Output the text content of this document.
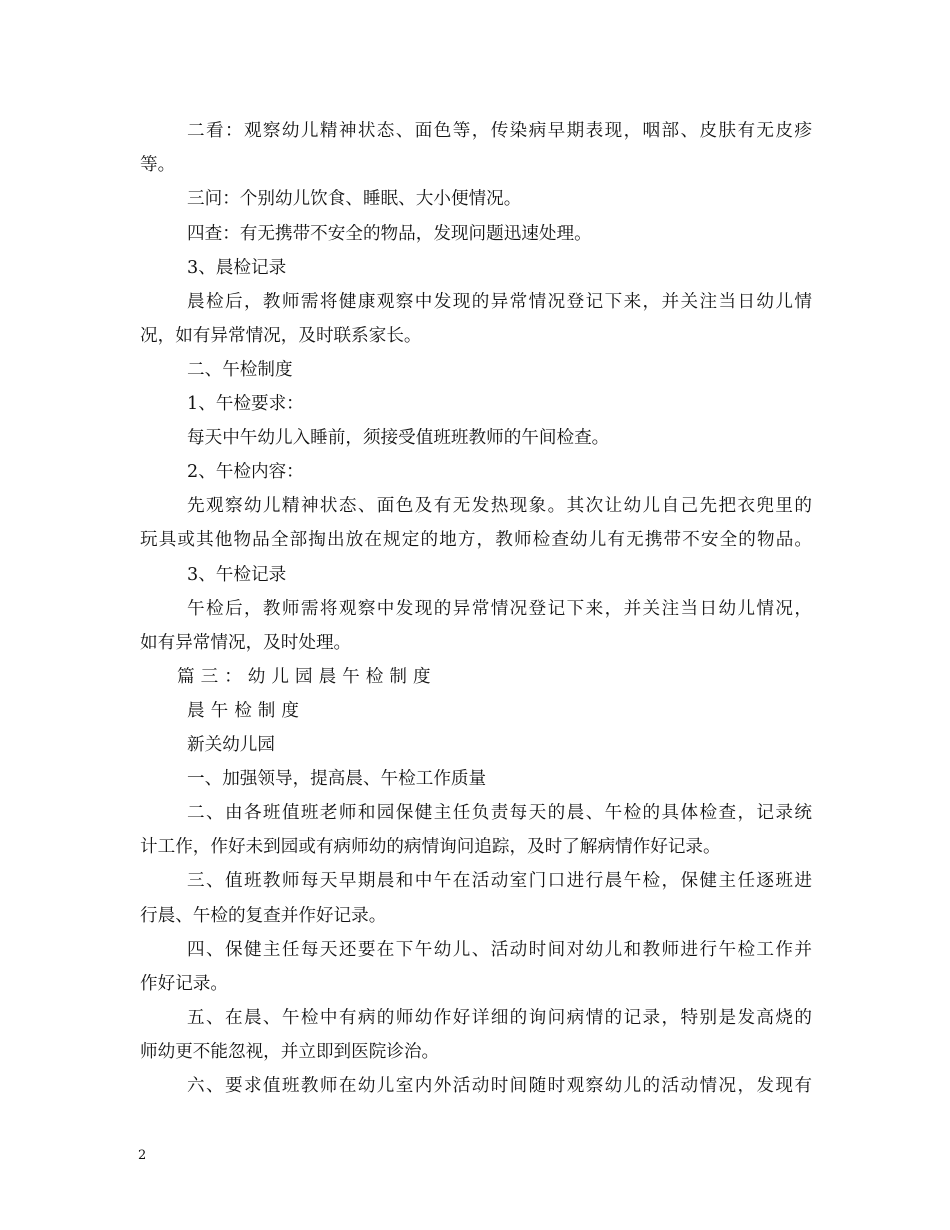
二看：观察幼儿精神状态、面色等，传染病早期表现，咽部、皮肤有无皮疹
等。
三问：个别幼儿饮食、睡眠、大小便情况。
四查：有无携带不安全的物品，发现问题迅速处理。
3、晨检记录
晨检后，教师需将健康观察中发现的异常情况登记下来，并关注当日幼儿情
况，如有异常情况，及时联系家长。
二、午检制度
1、午检要求：
每天中午幼儿入睡前，须接受值班班教师的午间检查。
2、午检内容：
先观察幼儿精神状态、面色及有无发热现象。其次让幼儿自己先把衣兜里的
玩具或其他物品全部掏出放在规定的地方，教师检查幼儿有无携带不安全的物品。
3、午检记录
午检后，教师需将观察中发现的异常情况登记下来，并关注当日幼儿情况，
如有异常情况，及时处理。
篇三：幼儿园晨午检制度
晨午检制度
新关幼儿园
一、加强领导，提高晨、午检工作质量
二、由各班值班老师和园保健主任负责每天的晨、午检的具体检查，记录统
计工作，作好未到园或有病师幼的病情询问追踪，及时了解病情作好记录。
三、值班教师每天早期晨和中午在活动室门口进行晨午检，保健主任逐班进
行晨、午检的复查并作好记录。
四、保健主任每天还要在下午幼儿、活动时间对幼儿和教师进行午检工作并
作好记录。
五、在晨、午检中有病的师幼作好详细的询问病情的记录，特别是发高烧的
师幼更不能忽视，并立即到医院诊治。
六、要求值班教师在幼儿室内外活动时间随时观察幼儿的活动情况，发现有
2
